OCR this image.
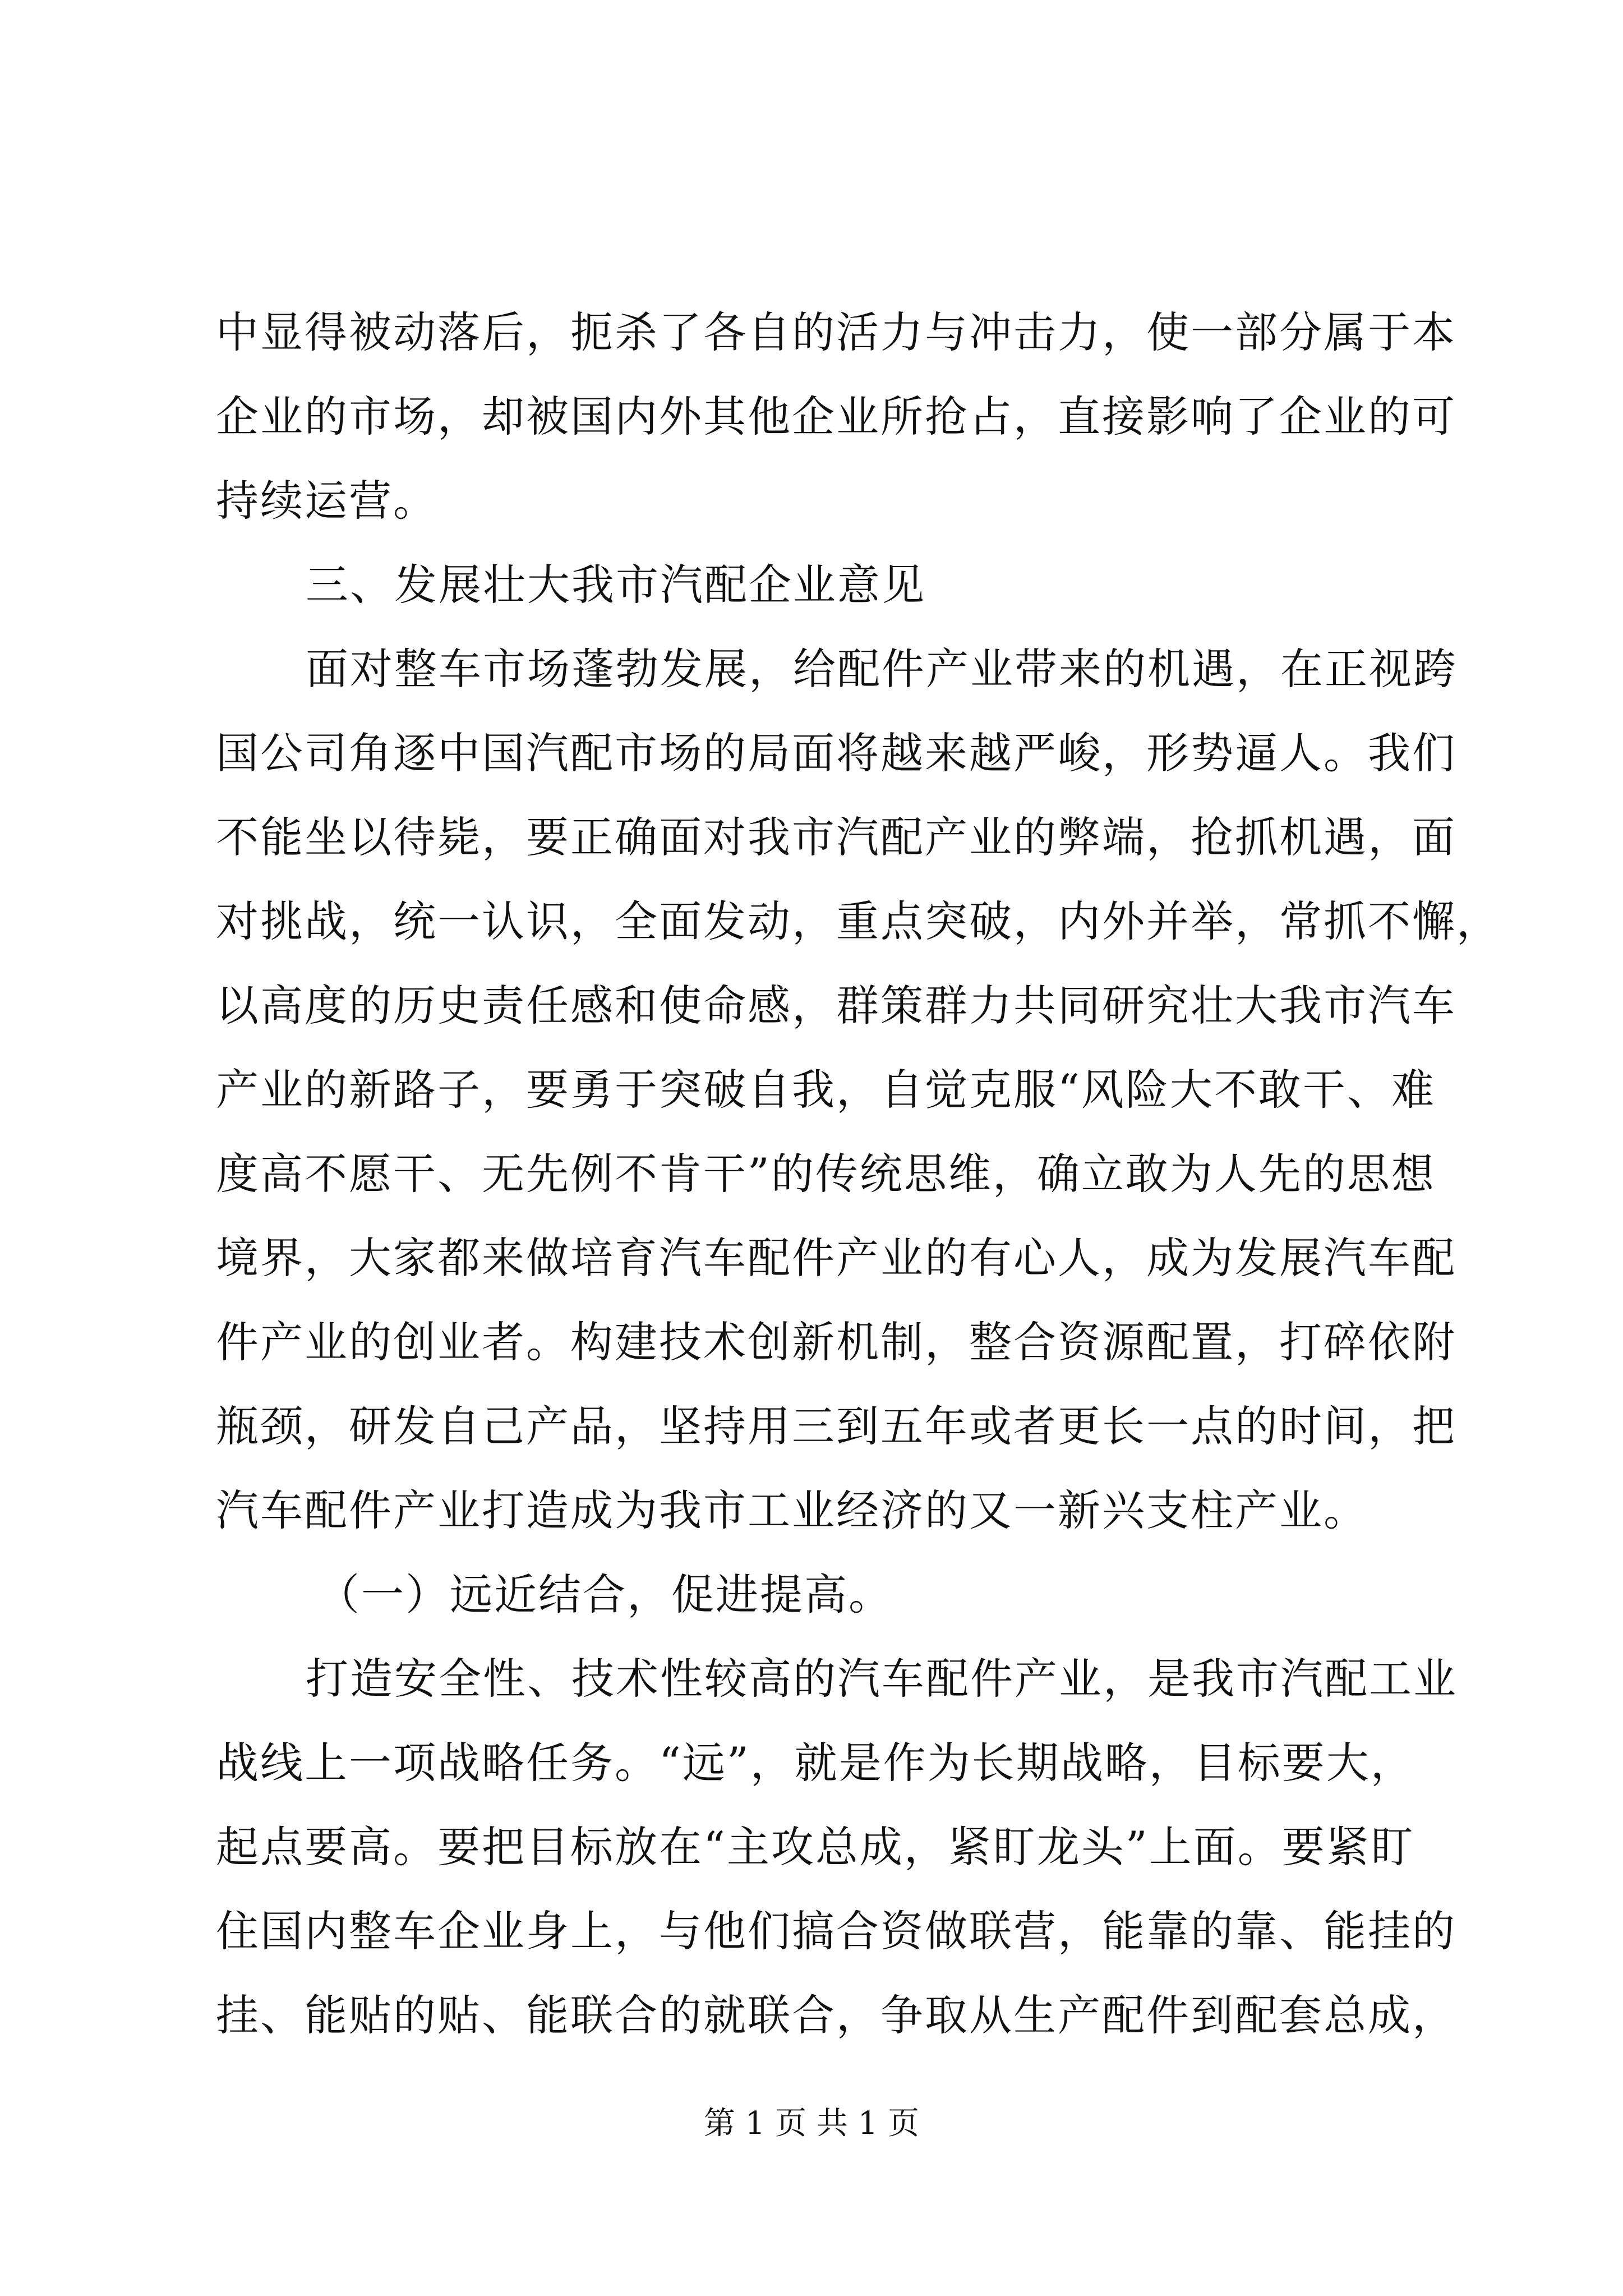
中显得被动落后，扼杀了各自的活力与冲击力，使一部分属于本
企业的市场，却被国内外其他企业所抢占，直接影响了企业的可
持续运营。
三、发展壮大我市汽配企业意见
面对整车市场蓬勃发展，给配件产业带来的机遇，在正视跨
国公司角逐中国汽配市场的局面将越来越严峻，形势逼人。我们
不能坐以待毙，要正确面对我市汽配产业的弊端，抢抓机遇，面
对挑战，统一认识，全面发动，重点突破，内外并举，常抓不懈，
以高度的历史责任感和使命感，群策群力共同研究壮大我市汽车
产业的新路子，要勇于突破自我，自觉克服“风险大不敢干、难
度高不愿干、无先例不肯干”的传统思维，确立敢为人先的思想
境界，大家都来做培育汽车配件产业的有心人，成为发展汽车配
件产业的创业者。构建技术创新机制，整合资源配置，打碎依附
瓶颈，研发自己产品，坚持用三到五年或者更长一点的时间，把
汽车配件产业打造成为我市工业经济的又一新兴支柱产业。
（一）远近结合，促进提高。
打造安全性、技术性较高的汽车配件产业，是我市汽配工业
战线上一项战略任务。“远”，就是作为长期战略，目标要大，
起点要高。要把目标放在“主攻总成，紧盯龙头”上面。要紧盯
住国内整车企业身上，与他们搞合资做联营，能靠的靠、能挂的
挂、能贴的贴、能联合的就联合，争取从生产配件到配套总成，
第 1 页 共 1 页
